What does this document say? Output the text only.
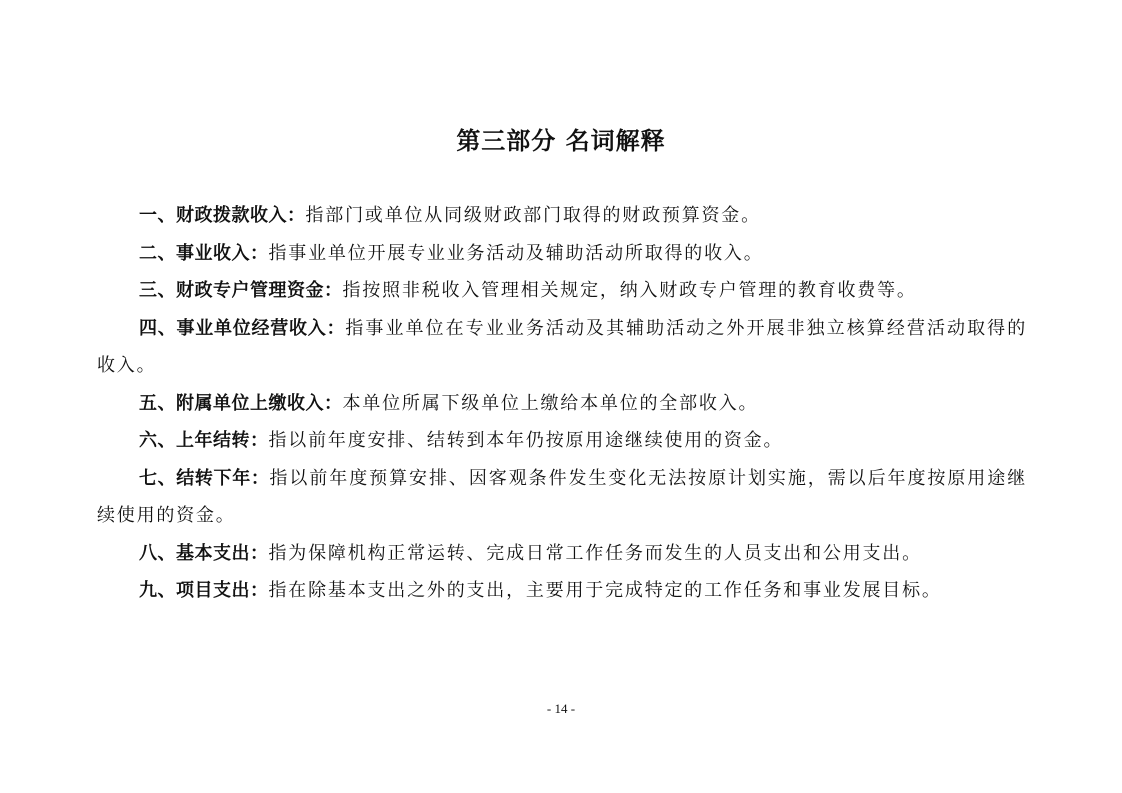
第三部分 名词解释

一、财政拨款收入：指部门或单位从同级财政部门取得的财政预算资金。

二、事业收入：指事业单位开展专业业务活动及辅助活动所取得的收入。

三、财政专户管理资金：指按照非税收入管理相关规定，纳入财政专户管理的教育收费等。

四、事业单位经营收入：指事业单位在专业业务活动及其辅助活动之外开展非独立核算经营活动取得的收入。

五、附属单位上缴收入：本单位所属下级单位上缴给本单位的全部收入。

六、上年结转：指以前年度安排、结转到本年仍按原用途继续使用的资金。

七、结转下年：指以前年度预算安排、因客观条件发生变化无法按原计划实施，需以后年度按原用途继续使用的资金。

八、基本支出：指为保障机构正常运转、完成日常工作任务而发生的人员支出和公用支出。

九、项目支出：指在除基本支出之外的支出，主要用于完成特定的工作任务和事业发展目标。

- 14 -
